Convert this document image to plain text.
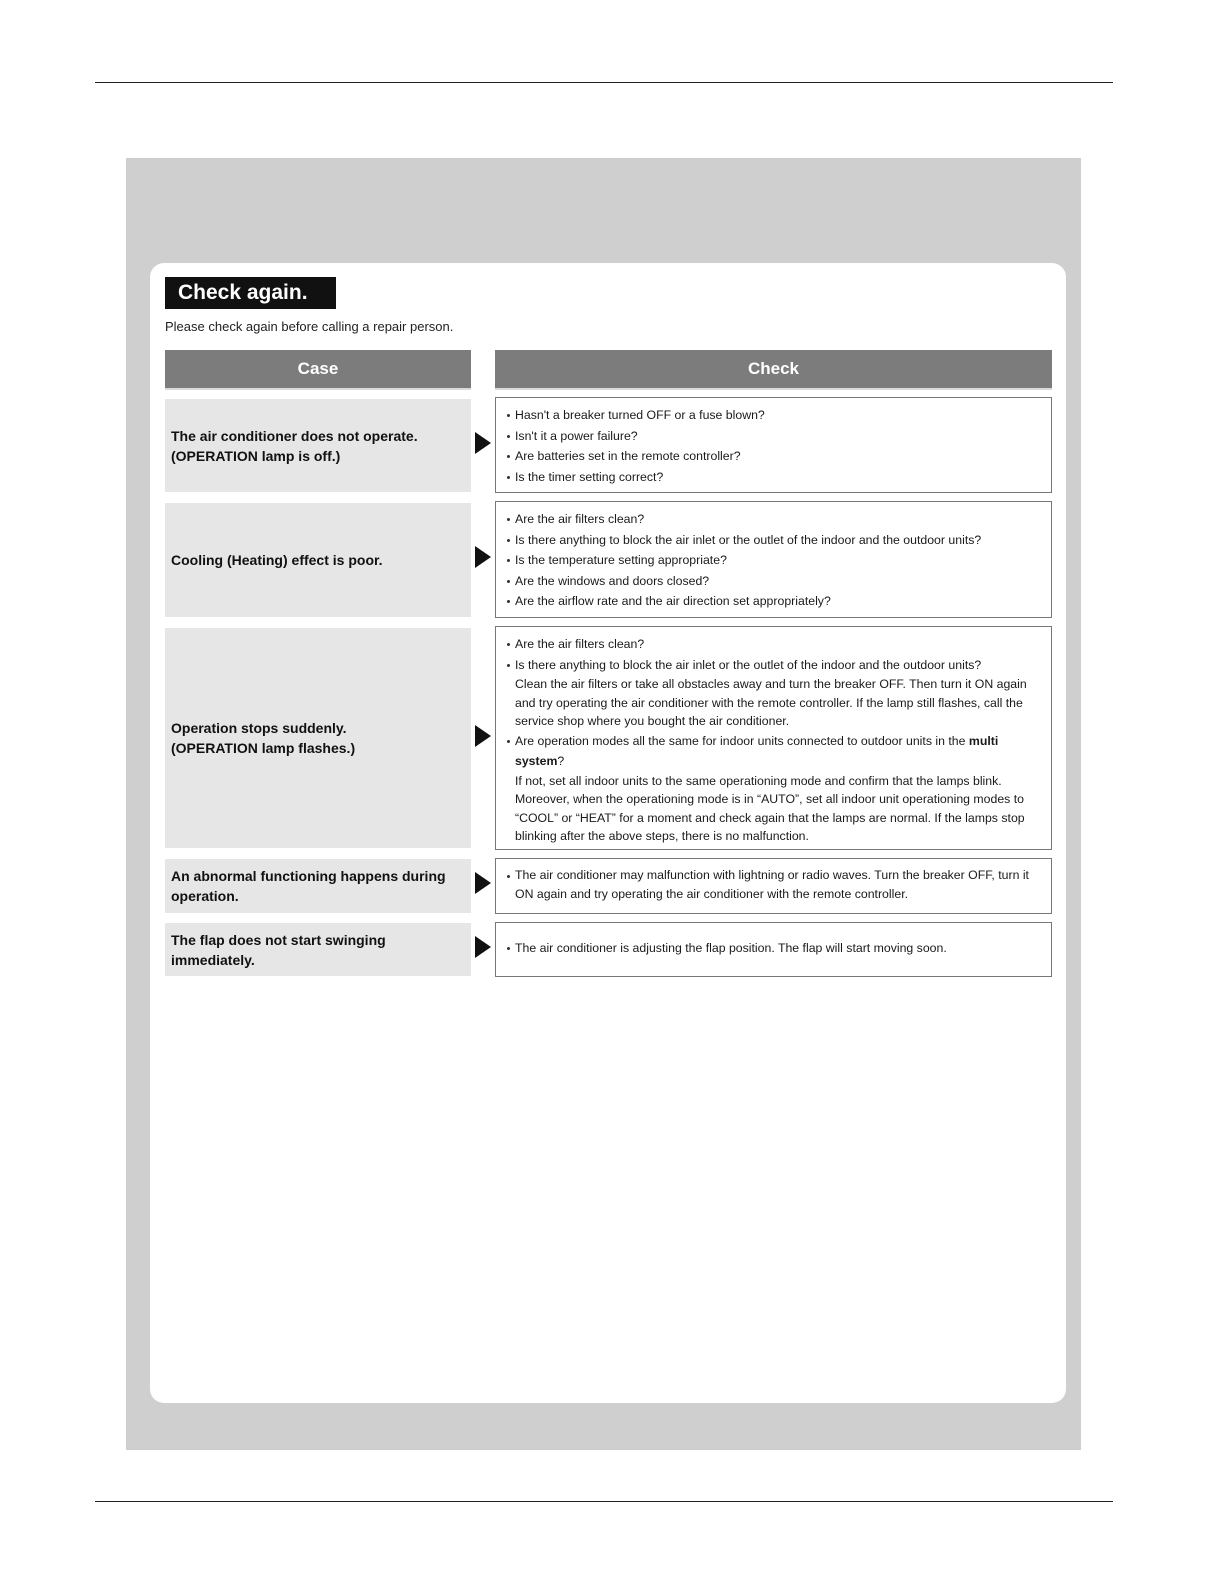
Check again.
Please check again before calling a repair person.
Case	Check
The air conditioner does not operate.
(OPERATION lamp is off.)
Hasn't a breaker turned OFF or a fuse blown?
Isn't it a power failure?
Are batteries set in the remote controller?
Is the timer setting correct?
Cooling (Heating) effect is poor.
Are the air filters clean?
Is there anything to block the air inlet or the outlet of the indoor and the outdoor units?
Is the temperature setting appropriate?
Are the windows and doors closed?
Are the airflow rate and the air direction set appropriately?
Operation stops suddenly.
(OPERATION lamp flashes.)
Are the air filters clean?
Is there anything to block the air inlet or the outlet of the indoor and the outdoor units?
Clean the air filters or take all obstacles away and turn the breaker OFF. Then turn it ON again and try operating the air conditioner with the remote controller. If the lamp still flashes, call the service shop where you bought the air conditioner.
Are operation modes all the same for indoor units connected to outdoor units in the multi system?
If not, set all indoor units to the same operationing mode and confirm that the lamps blink. Moreover, when the operationing mode is in “AUTO”, set all indoor unit operationing modes to “COOL” or “HEAT” for a moment and check again that the lamps are normal. If the lamps stop blinking after the above steps, there is no malfunction.
An abnormal functioning happens during operation.
The air conditioner may malfunction with lightning or radio waves. Turn the breaker OFF, turn it ON again and try operating the air conditioner with the remote controller.
The flap does not start swinging immediately.
The air conditioner is adjusting the flap position. The flap will start moving soon.
